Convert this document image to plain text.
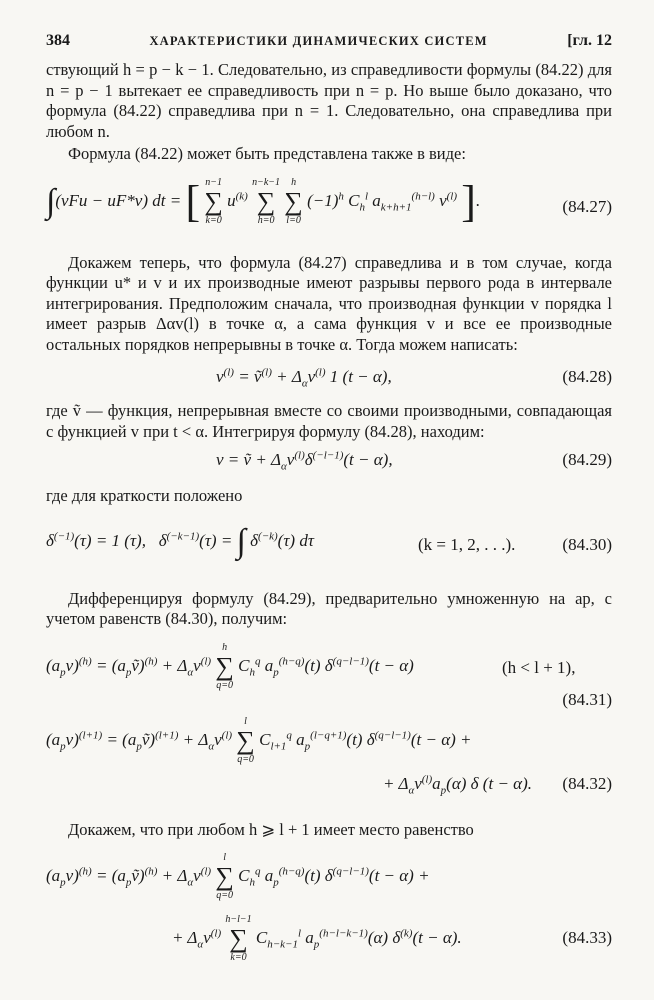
384	ХАРАКТЕРИСТИКИ ДИНАМИЧЕСКИХ СИСТЕМ	[гл. 12

ствующий h = p − k − 1. Следовательно, из справедливости формулы (84.22) для n = p − 1 вытекает ее справедливость при n = p. Но выше было доказано, что формула (84.22) справедлива при n = 1. Следовательно, она справедлива при любом n.

Формула (84.22) может быть представлена также в виде:

∫(vFu − uF*v) dt = [ n−1
∑
k=0 $u^{(k)}$ n−k−1
∑
h=0 h
∑
l=0 $(-1)^h$ $C_h^l$ $a_{k+h+1}^{(h-l)}$ $v^{(l)}$ ].	(84.27)

Докажем теперь, что формула (84.27) справедлива и в том случае, когда функции u* и v и их производные имеют разрывы первого рода в интервале интегрирования. Предположим сначала, что производная функции v порядка l имеет разрыв Δαv(l) в точке α, а сама функция v и все ее производные остальных порядков непрерывны в точке α. Тогда можем написать:

$v^{(l)}$ = ṽ$^{(l)}$ + $\Delta_\alpha v^{(l)}$ 1 (t − α),	(84.28)

где ṽ — функция, непрерывная вместе со своими производными, совпадающая с функцией v при t < α. Интегрируя формулу (84.28), находим:

v = ṽ + $\Delta_\alpha v^{(l)}\delta^{(-l-1)}(t - \alpha)$,	(84.29)

где для краткости положено

$\delta^{(-1)}(\tau) = 1$ (τ),   $\delta^{(-k-1)}(\tau)$ = ∫ $\delta^{(-k)}(\tau)$ dτ	(k = 1, 2, . . .).	(84.30)

Дифференцируя формулу (84.29), предварительно умноженную на ap, с учетом равенств (84.30), получим:

$(a_pv)^{(h)}$ = $(a_pṽ)^{(h)} + \Delta_\alpha v^{(l)}$ h
∑
q=0 $C_h^q$ $a_p^{(h-q)}(t) \delta^{(q-l-1)}(t - \alpha)$	(h < l + 1),
(84.31)
$(a_pv)^{(l+1)}$ = $(a_pṽ)^{(l+1)} + \Delta_\alpha v^{(l)}$ l
∑
q=0 $C_{l+1}^q$ $a_p^{(l-q+1)}(t) \delta^{(q-l-1)}(t - \alpha)$ +
+ $\Delta_\alpha v^{(l)}a_p(\alpha)$ δ (t − α). (84.32)

Докажем, что при любом h ⩾ l + 1 имеет место равенство

$(a_pv)^{(h)}$ = $(a_pṽ)^{(h)} + \Delta_\alpha v^{(l)}$ l
∑
q=0 $C_h^q$ $a_p^{(h-q)}(t) \delta^{(q-l-1)}(t - \alpha)$ +
+ $\Delta_\alpha v^{(l)}$ h−l−1
∑
k=0 $C_{h-k-1}^l$ $a_p^{(h-l-k-1)}(\alpha) \delta^{(k)}(t - \alpha)$.	(84.33)
